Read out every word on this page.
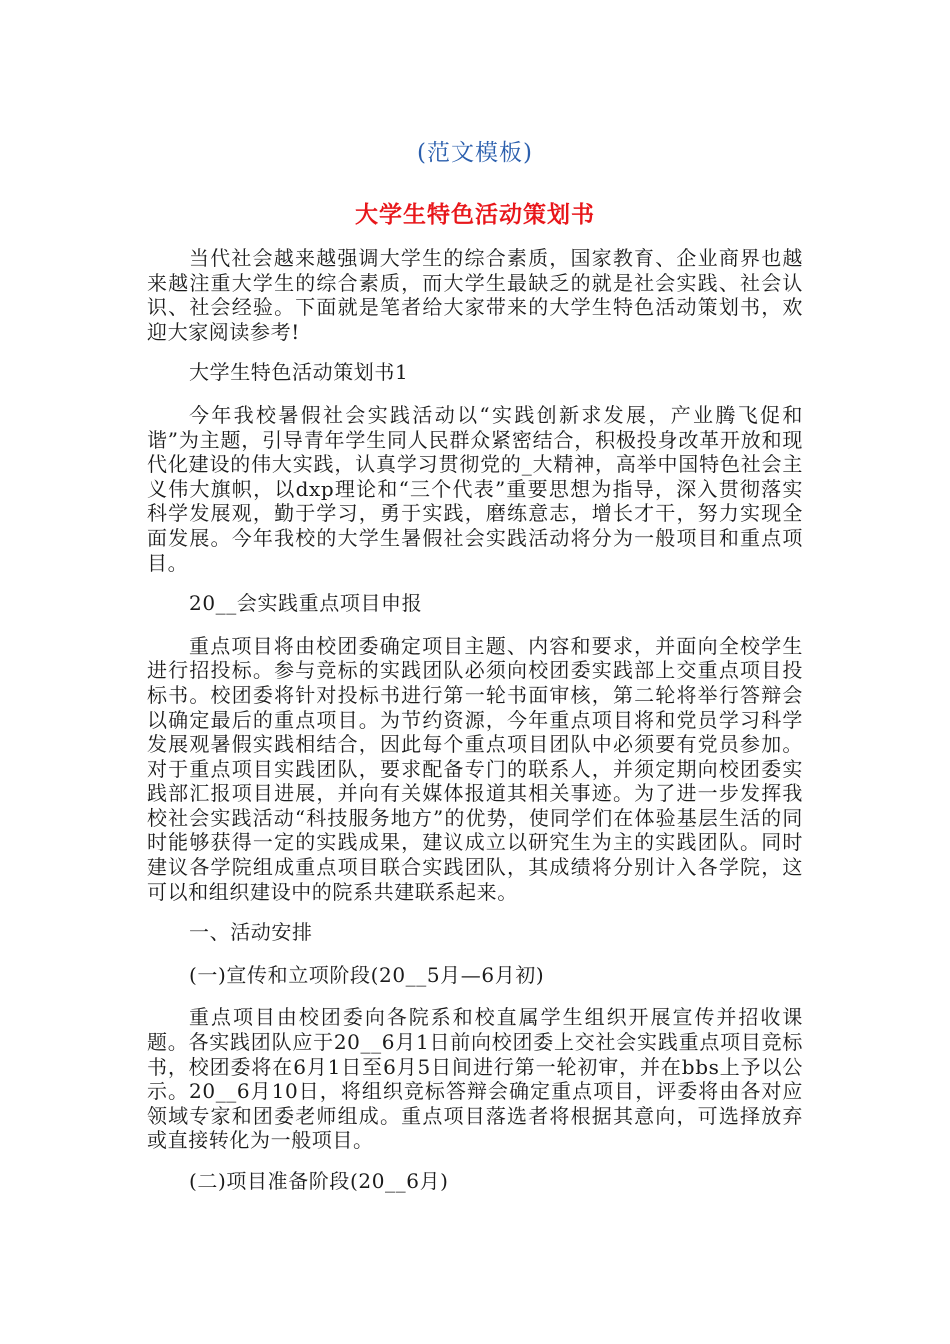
(范文模板)
大学生特色活动策划书

当代社会越来越强调大学生的综合素质，国家教育、企业商界也越来越注重大学生的综合素质，而大学生最缺乏的就是社会实践、社会认识、社会经验。下面就是笔者给大家带来的大学生特色活动策划书，欢迎大家阅读参考!

大学生特色活动策划书1

今年我校暑假社会实践活动以“实践创新求发展，产业腾飞促和谐”为主题，引导青年学生同人民群众紧密结合，积极投身改革开放和现代化建设的伟大实践，认真学习贯彻党的_大精神，高举中国特色社会主义伟大旗帜，以dxp理论和“三个代表”重要思想为指导，深入贯彻落实科学发展观，勤于学习，勇于实践，磨练意志，增长才干，努力实现全面发展。今年我校的大学生暑假社会实践活动将分为一般项目和重点项目。

20__会实践重点项目申报

重点项目将由校团委确定项目主题、内容和要求，并面向全校学生进行招投标。参与竞标的实践团队必须向校团委实践部上交重点项目投标书。校团委将针对投标书进行第一轮书面审核，第二轮将举行答辩会以确定最后的重点项目。为节约资源，今年重点项目将和党员学习科学发展观暑假实践相结合，因此每个重点项目团队中必须要有党员参加。对于重点项目实践团队，要求配备专门的联系人，并须定期向校团委实践部汇报项目进展，并向有关媒体报道其相关事迹。为了进一步发挥我校社会实践活动“科技服务地方”的优势，使同学们在体验基层生活的同时能够获得一定的实践成果，建议成立以研究生为主的实践团队。同时建议各学院组成重点项目联合实践团队，其成绩将分别计入各学院，这可以和组织建设中的院系共建联系起来。

一、活动安排

(一)宣传和立项阶段(20__5月—6月初)

重点项目由校团委向各院系和校直属学生组织开展宣传并招收课题。各实践团队应于20__6月1日前向校团委上交社会实践重点项目竞标书，校团委将在6月1日至6月5日间进行第一轮初审，并在bbs上予以公示。20__6月10日，将组织竞标答辩会确定重点项目，评委将由各对应领域专家和团委老师组成。重点项目落选者将根据其意向，可选择放弃或直接转化为一般项目。

(二)项目准备阶段(20__6月)
